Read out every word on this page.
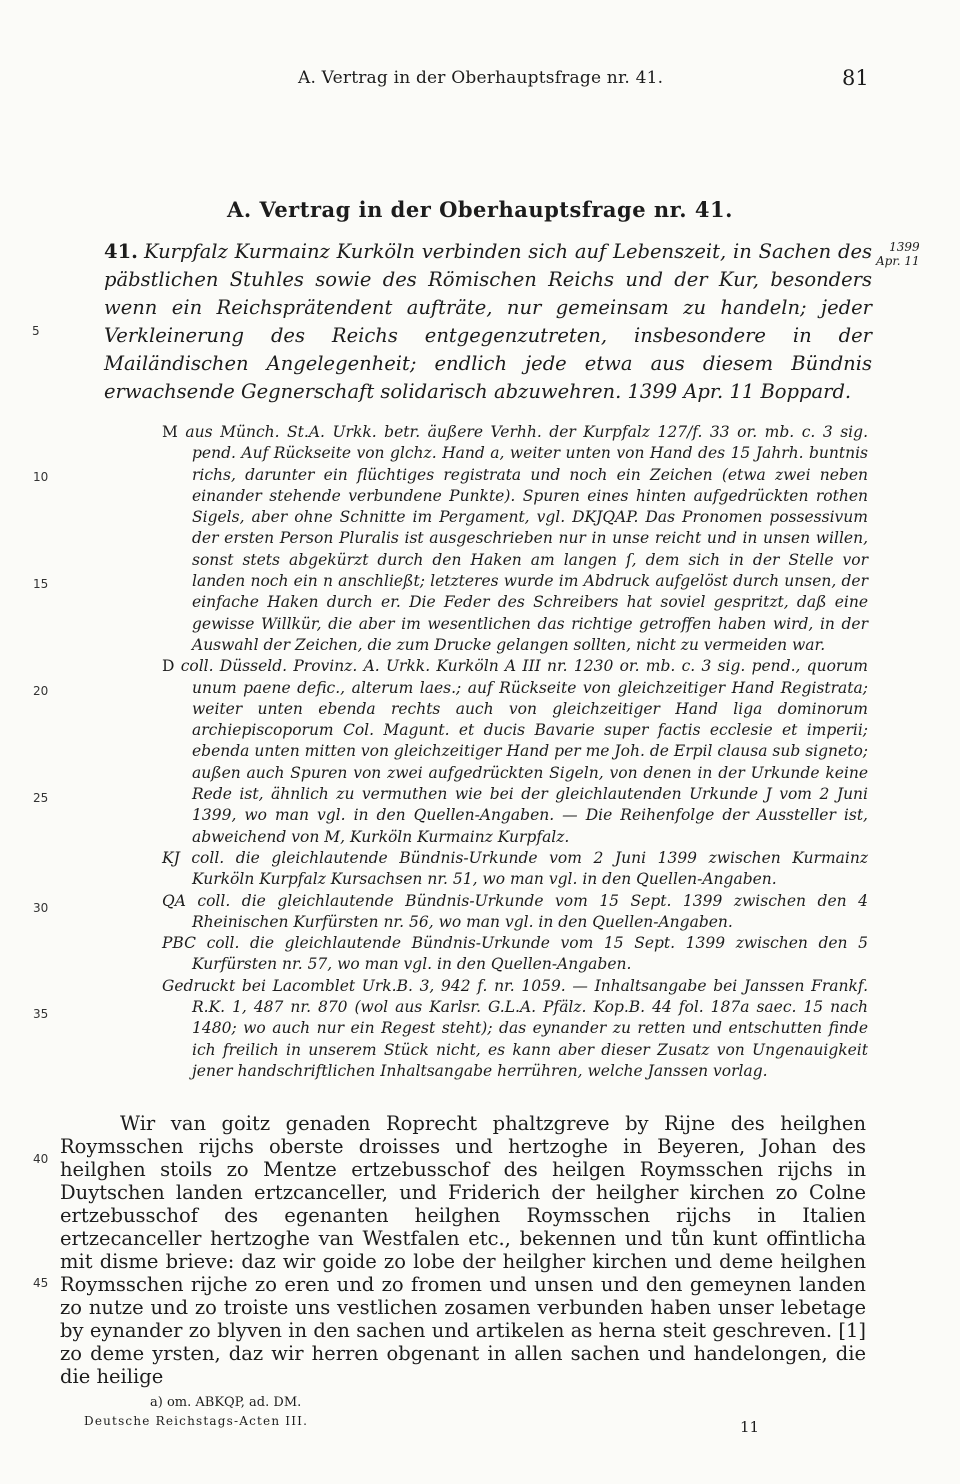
A. Vertrag in der Oberhauptsfrage nr. 41.	81
A. Vertrag in der Oberhauptsfrage nr. 41.

41. Kurpfalz Kurmainz Kurköln verbinden sich auf Lebenszeit, in Sachen des päbstlichen Stuhles sowie des Römischen Reichs und der Kur, besonders wenn ein Reichsprätendent aufträte, nur gemeinsam zu handeln; jeder Verkleinerung des Reichs entgegenzutreten, insbesondere in der Mailändischen Angelegenheit; endlich jede etwa aus diesem Bündnis erwachsende Gegnerschaft solidarisch abzuwehren. 1399 Apr. 11 Boppard.

1399
Apr. 11
5
10
15
20
25
30
35
40
45

M aus Münch. St.A. Urkk. betr. äußere Verhh. der Kurpfalz 127/f. 33 or. mb. c. 3 sig. pend. Auf Rückseite von glchz. Hand a, weiter unten von Hand des 15 Jahrh. buntnis richs, darunter ein flüchtiges registrata und noch ein Zeichen (etwa zwei neben einander stehende verbundene Punkte). Spuren eines hinten aufgedrückten rothen Sigels, aber ohne Schnitte im Pergament, vgl. DKJQAP. Das Pronomen possessivum der ersten Person Pluralis ist ausgeschrieben nur in unse reicht und in unsen willen, sonst stets abgekürzt durch den Haken am langen ſ, dem sich in der Stelle vor landen noch ein n anschließt; letzteres wurde im Abdruck aufgelöst durch unsen, der einfache Haken durch er. Die Feder des Schreibers hat soviel gespritzt, daß eine gewisse Willkür, die aber im wesentlichen das richtige getroffen haben wird, in der Auswahl der Zeichen, die zum Drucke gelangen sollten, nicht zu vermeiden war.

D coll. Düsseld. Provinz. A. Urkk. Kurköln A III nr. 1230 or. mb. c. 3 sig. pend., quorum unum paene defic., alterum laes.; auf Rückseite von gleichzeitiger Hand Registrata; weiter unten ebenda rechts auch von gleichzeitiger Hand liga dominorum archiepiscoporum Col. Magunt. et ducis Bavarie super factis ecclesie et imperii; ebenda unten mitten von gleichzeitiger Hand per me Joh. de Erpil clausa sub signeto; außen auch Spuren von zwei aufgedrückten Sigeln, von denen in der Urkunde keine Rede ist, ähnlich zu vermuthen wie bei der gleichlautenden Urkunde J vom 2 Juni 1399, wo man vgl. in den Quellen-Angaben. — Die Reihenfolge der Aussteller ist, abweichend von M, Kurköln Kurmainz Kurpfalz.

KJ coll. die gleichlautende Bündnis-Urkunde vom 2 Juni 1399 zwischen Kurmainz Kurköln Kurpfalz Kursachsen nr. 51, wo man vgl. in den Quellen-Angaben.

QA coll. die gleichlautende Bündnis-Urkunde vom 15 Sept. 1399 zwischen den 4 Rheinischen Kurfürsten nr. 56, wo man vgl. in den Quellen-Angaben.

PBC coll. die gleichlautende Bündnis-Urkunde vom 15 Sept. 1399 zwischen den 5 Kurfürsten nr. 57, wo man vgl. in den Quellen-Angaben.

Gedruckt bei Lacomblet Urk.B. 3, 942 f. nr. 1059. — Inhaltsangabe bei Janssen Frankf. R.K. 1, 487 nr. 870 (wol aus Karlsr. G.L.A. Pfälz. Kop.B. 44 fol. 187a saec. 15 nach 1480; wo auch nur ein Regest steht); das eynander zu retten und entschutten finde ich freilich in unserem Stück nicht, es kann aber dieser Zusatz von Ungenauigkeit jener handschriftlichen Inhaltsangabe herrühren, welche Janssen vorlag.

Wir van goitz genaden Roprecht phaltzgreve by Rijne des heilghen Roymsschen rijchs oberste droisses und hertzoghe in Beyeren, Johan des heilghen stoils zo Mentze ertzebusschof des heilgen Roymsschen rijchs in Duytschen landen ertzcanceller, und Friderich der heilgher kirchen zo Colne ertzebusschof des egenanten heilghen Roymsschen rijchs in Italien ertzecanceller hertzoghe van Westfalen etc., bekennen und tůn kunt offintlicha mit disme brieve: daz wir goide zo lobe der heilgher kirchen und deme heilghen Roymsschen rijche zo eren und zo fromen und unsen und den gemeynen landen zo nutze und zo troiste uns vestlichen zosamen verbunden haben unser lebetage by eynander zo blyven in den sachen und artikelen as herna steit geschreven. [1] zo deme yrsten, daz wir herren obgenant in allen sachen und handelongen, die die heilige

a) om. ABKQP, ad. DM.
Deutsche Reichstags-Acten III.	11
